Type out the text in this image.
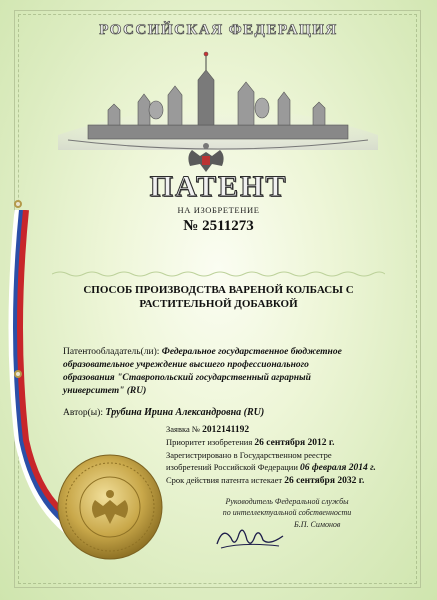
РОССИЙСКАЯ ФЕДЕРАЦИЯ
ПАТЕНТ
НА ИЗОБРЕТЕНИЕ
№ 2511273
СПОСОБ ПРОИЗВОДСТВА ВАРЕНОЙ КОЛБАСЫ С
РАСТИТЕЛЬНОЙ ДОБАВКОЙ
Патентообладатель(ли): Федеральное государственное бюджетное
образовательное учреждение высшего профессионального
образования "Ставропольский государственный аграрный
университет" (RU)
Автор(ы): Трубина Ирина Александровна (RU)
Заявка № 2012141192
Приоритет изобретения 26 сентября 2012 г.
Зарегистрировано в Государственном реестре
изобретений Российской Федерации 06 февраля 2014 г.
Срок действия патента истекает 26 сентября 2032 г.
Руководитель Федеральной службы
по интеллектуальной собственности
Б.П. Симонов
